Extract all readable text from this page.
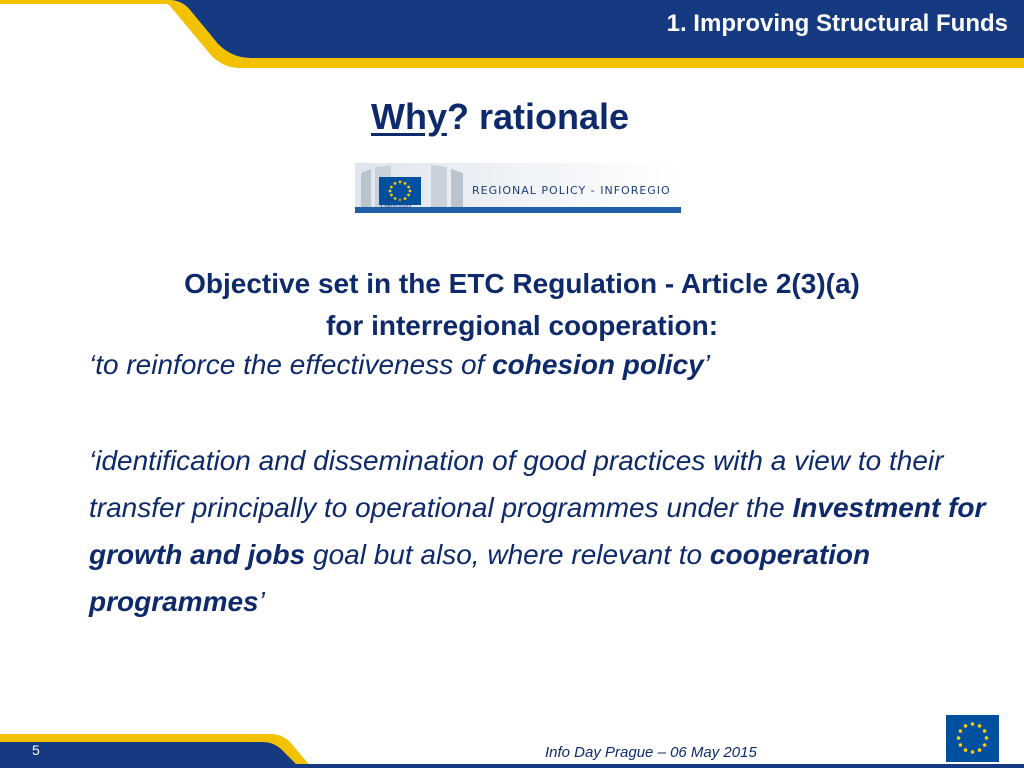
1. Improving Structural Funds
Why? rationale
REGIONAL POLICY - INFOREGIO
European
Commission
Objective set in the ETC Regulation - Article 2(3)(a)
for interregional cooperation:
‘to reinforce the effectiveness of cohesion policy’
‘identification and dissemination of good practices with a view to their transfer principally to operational programmes under the Investment for growth and jobs goal but also, where relevant to cooperation programmes’
5	Info Day Prague – 06 May 2015
